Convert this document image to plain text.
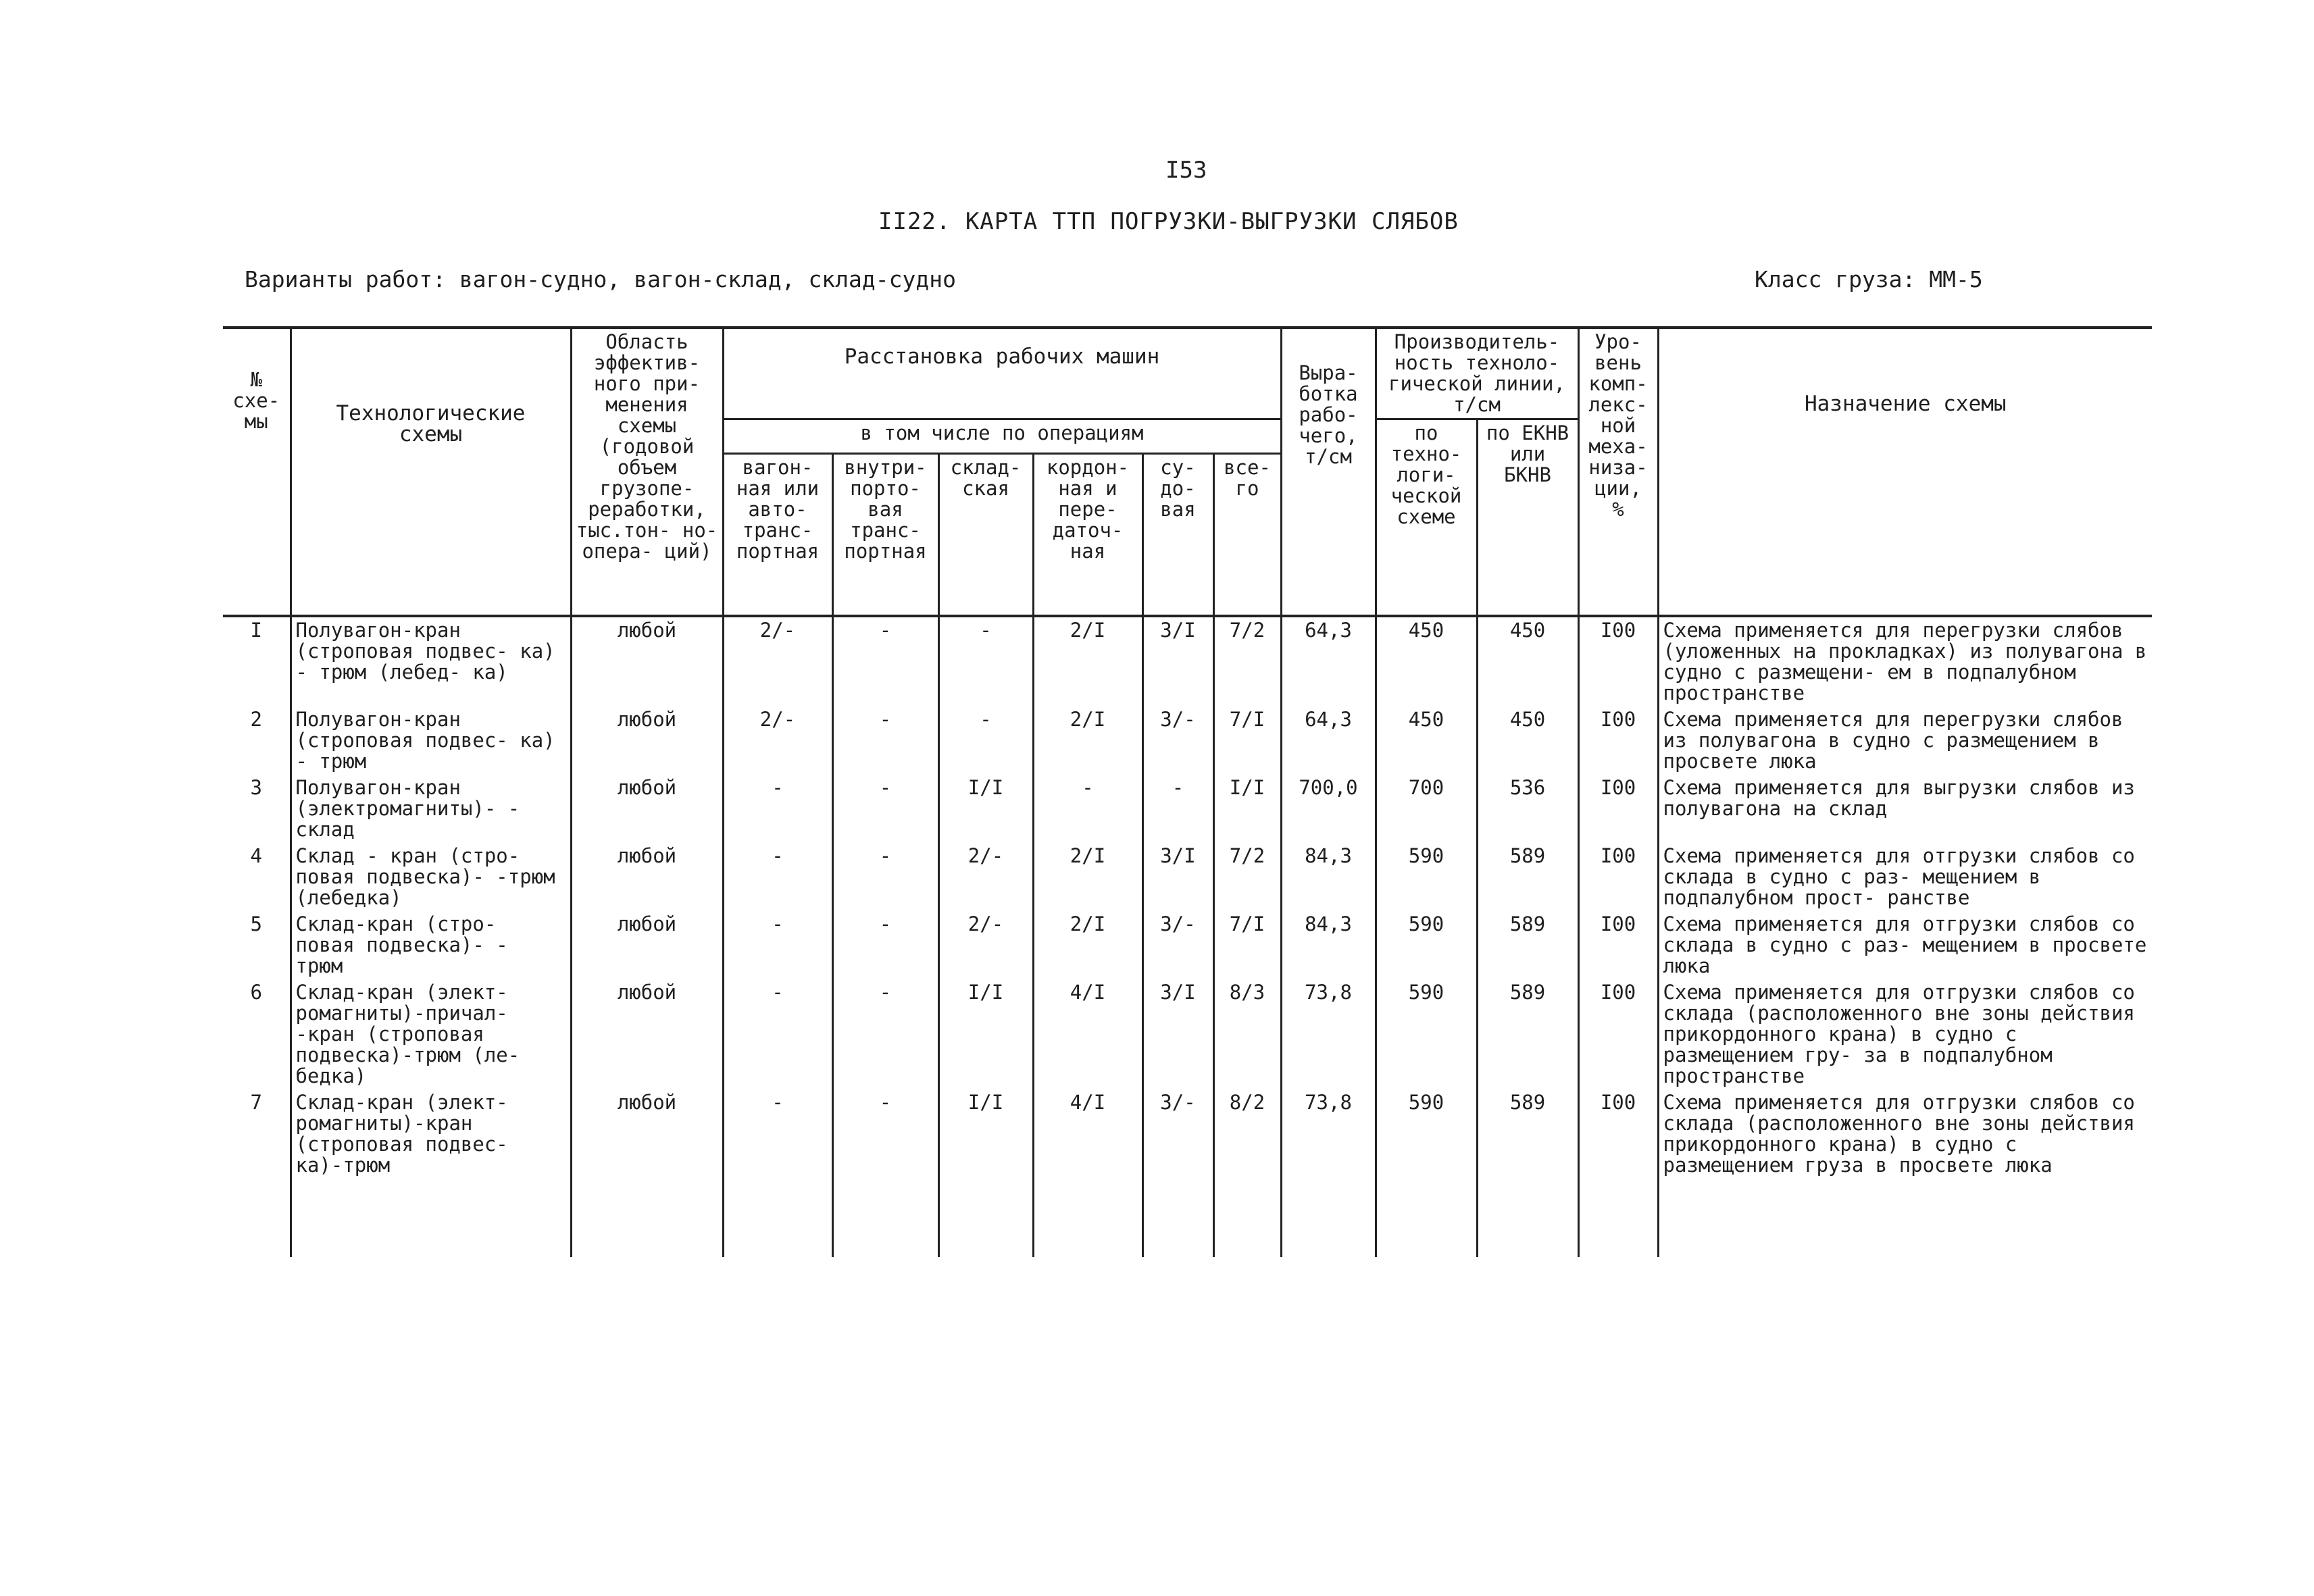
I53
II22. КАРТА ТТП ПОГРУЗКИ-ВЫГРУЗКИ СЛЯБОВ
Варианты работ: вагон-судно, вагон-склад, склад-судно	Класс груза: ММ-5
№ схе- мы	Технологические схемы	Область эффектив- ного при- менения схемы (годовой объем грузопе- реработки, тыс.тон- но-опера- ций)	Расстановка рабочих машин						Выра- ботка рабо- чего, т/см	Производитель- ность техноло- гической линии, т/см		Уро- вень комп- лекс- ной меха- низа- ции, %	Назначение схемы
			в том числе по операциям							по техно- логи- ческой схеме	по ЕКНВ или БКНВ		
			вагон- ная или авто- транс- портная	внутри- порто- вая транс- портная	склад- ская	кордон- ная и пере- даточ- ная	су- до- вая	все- го					
I	Полувагон-кран (стропoвая подвес- ка) - трюм (лебед- ка)	любой	2/-	-	-	2/I	3/I	7/2	64,3	450	450	I00	Схема применяется для перегрузки слябов (уложенных на прокладках) из полувагона в судно с размещени- ем в подпалубном пространстве
2	Полувагон-кран (строповая подвес- ка) - трюм	любой	2/-	-	-	2/I	3/-	7/I	64,3	450	450	I00	Схема применяется для перегрузки слябов из полувагона в судно с размещением в просвете люка
3	Полувагон-кран (электромагниты)- - склад	любой	-	-	I/I	-	-	I/I	700,0	700	536	I00	Схема применяется для выгрузки слябов из полувагона на склад
4	Склад - кран (стро- повая подвеска)- -трюм (лебедка)	любой	-	-	2/-	2/I	3/I	7/2	84,3	590	589	I00	Схема применяется для отгрузки слябов со склада в судно с раз- мещением в подпалубном прост- ранстве
5	Склад-кран (стро- повая подвеска)- - трюм	любой	-	-	2/-	2/I	3/-	7/I	84,3	590	589	I00	Схема применяется для отгрузки слябов со склада в судно с раз- мещением в просвете люка
6	Склад-кран (элект- ромагниты)-причал- -кран (строповая подвеска)-трюм (ле- бедка)	любой	-	-	I/I	4/I	3/I	8/3	73,8	590	589	I00	Схема применяется для отгрузки слябов со склада (расположенного вне зоны действия прикордонного крана) в судно с размещением гру- за в подпалубном пространстве
7	Склад-кран (элект- ромагниты)-кран (строповая подвес- ка)-трюм	любой	-	-	I/I	4/I	3/-	8/2	73,8	590	589	I00	Схема применяется для отгрузки слябов со склада (расположенного вне зоны действия прикордонного крана) в судно с размещением груза в просвете люка
